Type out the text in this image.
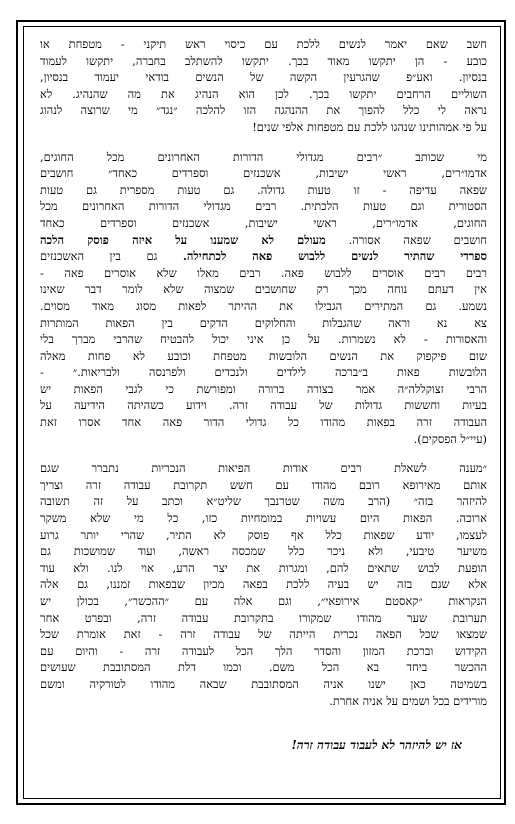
חשב שאם יאמר לנשים ללכת עם כיסוי ראש תיקני - מטפחת או
כובע - הן יתקשו מאוד בכך. יתקשו להשתלב בחברה, יתקשו לעמוד
בנסיון. ואע״פ שהגרעין הקשה של הנשים בודאי יעמוד בנסיון,
השוליים הרחבים יתקשו בכך. לכן הוא הנהיג את מה שהנהיג. לא
נראה לי כלל להפוך את ההנהגה הזו להלכה ״נגד״ מי שרוצה לנהוג
על פי אמהותינו שנהגו ללכת עם מטפחות אלפי שנים!
מי שכותב ״רבים מגדולי הדורות האחרונים מכל החוגים,
אדמו״רים, ראשי ישיבות, אשכנזים וספרדים כאחד״ חושבים
שפאה עדיפה - זו טעות גדולה. גם טעות מספרית גם טעות
הסטורית וגם טעות הלכתית. רבים מגדולי הדורות האחרונים מכל
החוגים, אדמו״רים, ראשי ישיבות, אשכנזים וספרדים כאחד
חושבים שפאה אסורה. מעולם לא שמענו על איזה פוסק הלכה
ספרדי שהתיר לנשים ללבוש פאה לכתחילה. גם בין האשכנזים
רבים רבים אוסרים ללבוש פאה. רבים מאלו שלא אוסרים פאה -
אין דעתם נוחה מכך רק שחושבים שמצוה שלא לומר דבר שאינו
נשמע. גם המתירים הגבילו את ההיתר לפאות מסוג מאוד מסוים.
צא נא וראה שהגבלות והחלוקים הדקים בין הפאות המותרות
והאסורות - לא נשמרות. על כן איני יכול להבטיח שהרבי מברך בלי
שום פיקפוק את הנשים הלובשות מטפחת וכובע לא פחות מאלה
הלובשות פאות ב״ברכה לילדים ולנכדים ולפרנסה ולבריאות.״ -
הרבי זצוקללה״ה אמר בצורה ברורה ומפורשת כי לגבי הפאות יש
בעיות וחששות גדולות של עבודה זרה. וידוע כשהיתה הידיעה על
העבודה זרה בפאות מהודו כל גדולי הדור פאה אחד אסרו זאת
(עיי״ל הפסקים).
״מענה לשאלת רבים אודות הפיאות הנכריות נתברר שגם
אותם מאירופא רובם מהודו עם חשש תקרובת עבודה זרה וצריך
להיזהר בזה״ (הרב משה שטרנבך שליט״א וכתב על זה תשובה
ארוכה. הפאות היום עשויות במומחיות כזו, כל מי שלא משקר
לעצמו, יודע שפאות כלל אף פוסק לא התיר, שהרי יותר גרוע
משיער טיבעי, ולא ניכר כלל שמכסה ראשה, ועוד שמושכות גם
הופעת לבוש שתאים להם, ומגרות את יצר הרע, אוי לנו. ולא עוד
אלא שגם בזה יש בעיה ללכת בפאה מכיון שבפאות זמננו, גם אלה
הנקראות ״קאסטם אירופאי״, וגם אלה עם ״ההכשר״, בכולן יש
תערובת שער מהודו שמקורו בתקרובת עבודה זרה, ובפרט אחר
שמצאו שכל הפאה נכרית הייתה של עבודה זרה - זאת אומרת שכל
הקידוש וברכת המזון והסדר הלך הכל לעבודה זרה - והיום עם
ההכשר ביחד בא הכל משם. וכמו דלת המסתובבת שעושים
בשמיטה כאן ישנו אניה המסתובבת שבאה מהודו לטורקיה ומשם
מורידים בכל ושמים על אניה אחרת.
אז יש להיזהר לא לעבוד עבודה זרה!
